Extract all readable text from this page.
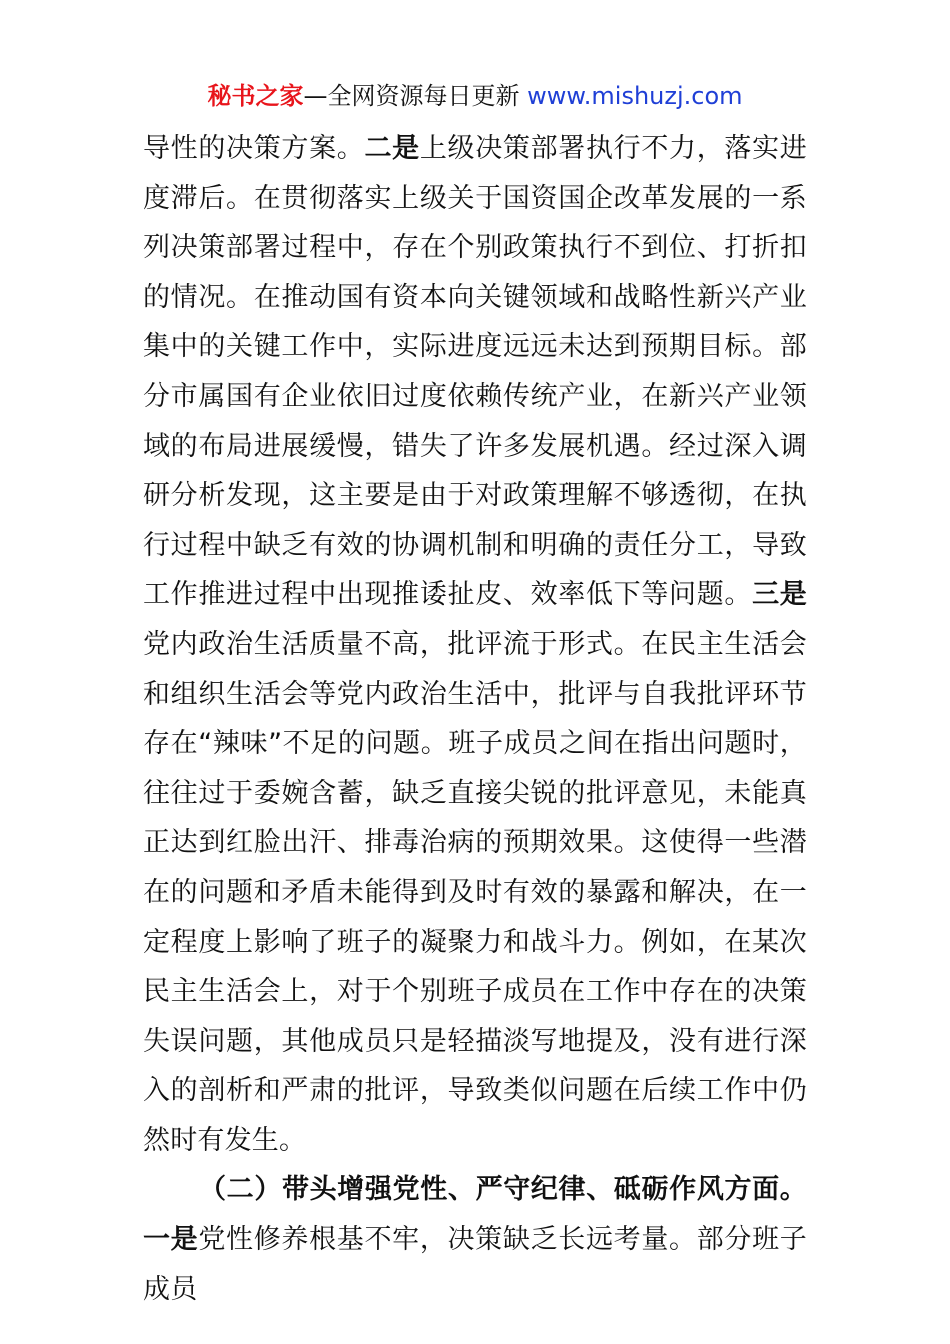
秘书之家—全网资源每日更新 www.mishuzj.com

导性的决策方案。二是上级决策部署执行不力，落实进度滞后。在贯彻落实上级关于国资国企改革发展的一系列决策部署过程中，存在个别政策执行不到位、打折扣的情况。在推动国有资本向关键领域和战略性新兴产业集中的关键工作中，实际进度远远未达到预期目标。部分市属国有企业依旧过度依赖传统产业，在新兴产业领域的布局进展缓慢，错失了许多发展机遇。经过深入调研分析发现，这主要是由于对政策理解不够透彻，在执行过程中缺乏有效的协调机制和明确的责任分工，导致工作推进过程中出现推诿扯皮、效率低下等问题。三是党内政治生活质量不高，批评流于形式。在民主生活会和组织生活会等党内政治生活中，批评与自我批评环节存在“辣味”不足的问题。班子成员之间在指出问题时，往往过于委婉含蓄，缺乏直接尖锐的批评意见，未能真正达到红脸出汗、排毒治病的预期效果。这使得一些潜在的问题和矛盾未能得到及时有效的暴露和解决，在一定程度上影响了班子的凝聚力和战斗力。例如，在某次民主生活会上，对于个别班子成员在工作中存在的决策失误问题，其他成员只是轻描淡写地提及，没有进行深入的剖析和严肃的批评，导致类似问题在后续工作中仍然时有发生。

（二）带头增强党性、严守纪律、砥砺作风方面。一是党性修养根基不牢，决策缺乏长远考量。部分班子成员
